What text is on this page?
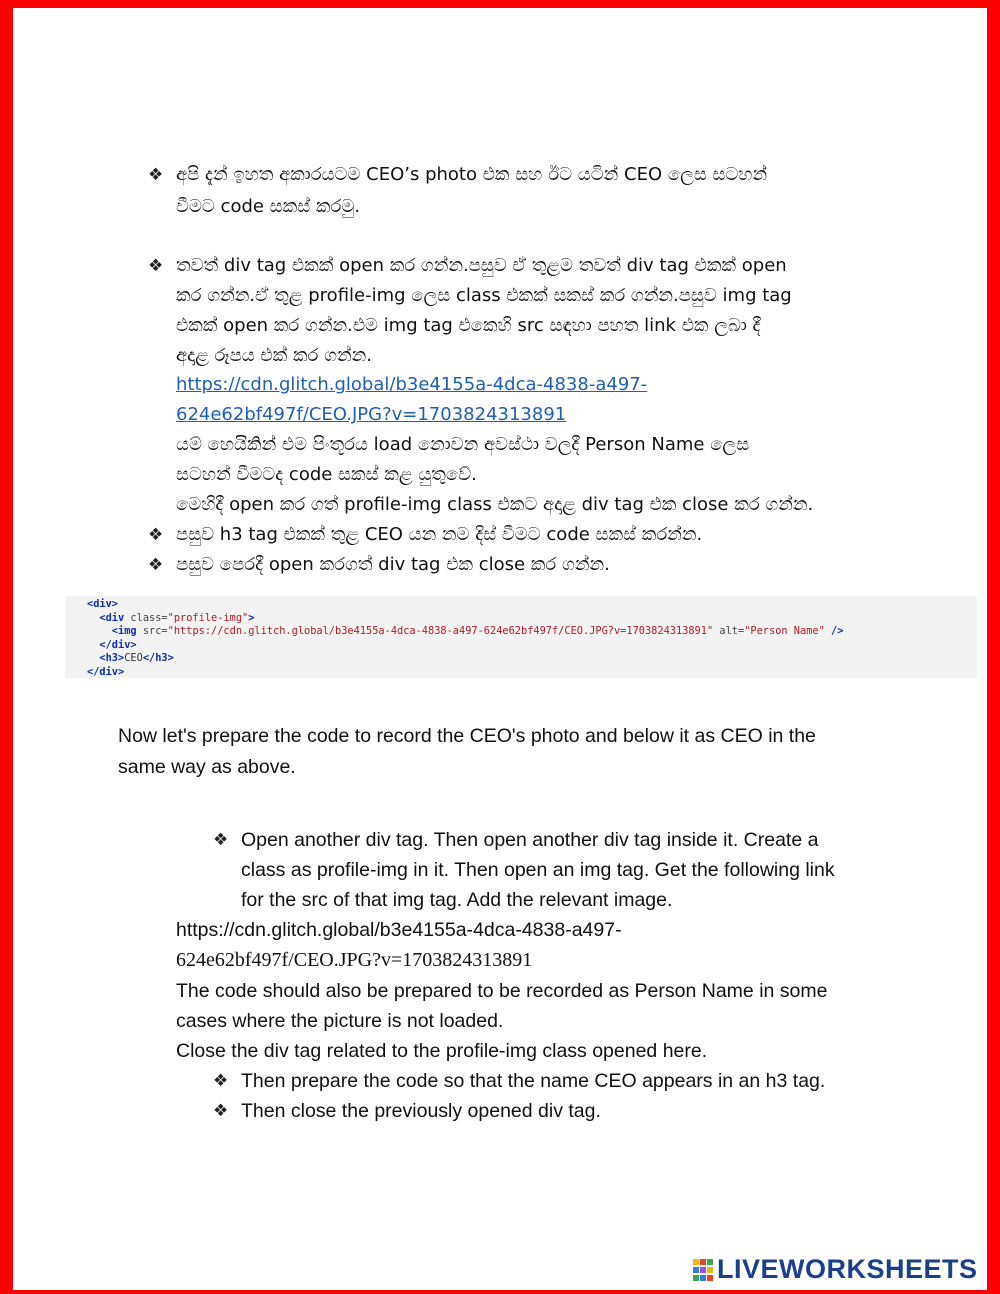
❖ අපි දැන් ඉහත අකාරයටම CEO’s photo එක සහ ඊට යටින් CEO ලෙස සටහන්
වීමට code සකස් කරමු.
❖ තවත් div tag එකක් open කර ගන්න.පසුව ඒ තුළම තවත් div tag එකක් open
කර ගන්න.ඒ තුළ profile-img ලෙස class එකක් සකස් කර ගන්න.පසුව img tag
එකක් open කර ගන්න.එම img tag එකෙහි src සඳහා පහත link එක ලබා දී
අදාළ රූපය එක් කර ගන්න.
https://cdn.glitch.global/b3e4155a-4dca-4838-a497-
624e62bf497f/CEO.JPG?v=1703824313891
යම් හෙයිකින් එම පිංතූරය load නොවන අවස්ථා වලදී Person Name ලෙස
සටහන් වීමටද code සකස් කළ යුතුවේ.
මෙහිදී open කර ගත් profile-img class එකට අදාළ div tag එක close කර ගන්න.
❖ පසුව h3 tag එකක් තුළ CEO යන නම දිස් වීමට code සකස් කරන්න.
❖ පසුව පෙරදී open කරගත් div tag එක close කර ගන්න.
<div>
<div class="profile-img">
<img src="https://cdn.glitch.global/b3e4155a-4dca-4838-a497-624e62bf497f/CEO.JPG?v=1703824313891" alt="Person Name" />
</div>
<h3>CEO</h3>
</div>
Now let's prepare the code to record the CEO's photo and below it as CEO in the
same way as above.
❖ Open another div tag. Then open another div tag inside it. Create a
class as profile-img in it. Then open an img tag. Get the following link
for the src of that img tag. Add the relevant image.
https://cdn.glitch.global/b3e4155a-4dca-4838-a497-
624e62bf497f/CEO.JPG?v=1703824313891
The code should also be prepared to be recorded as Person Name in some
cases where the picture is not loaded.
Close the div tag related to the profile-img class opened here.
❖ Then prepare the code so that the name CEO appears in an h3 tag.
❖ Then close the previously opened div tag.
LIVEWORKSHEETS
